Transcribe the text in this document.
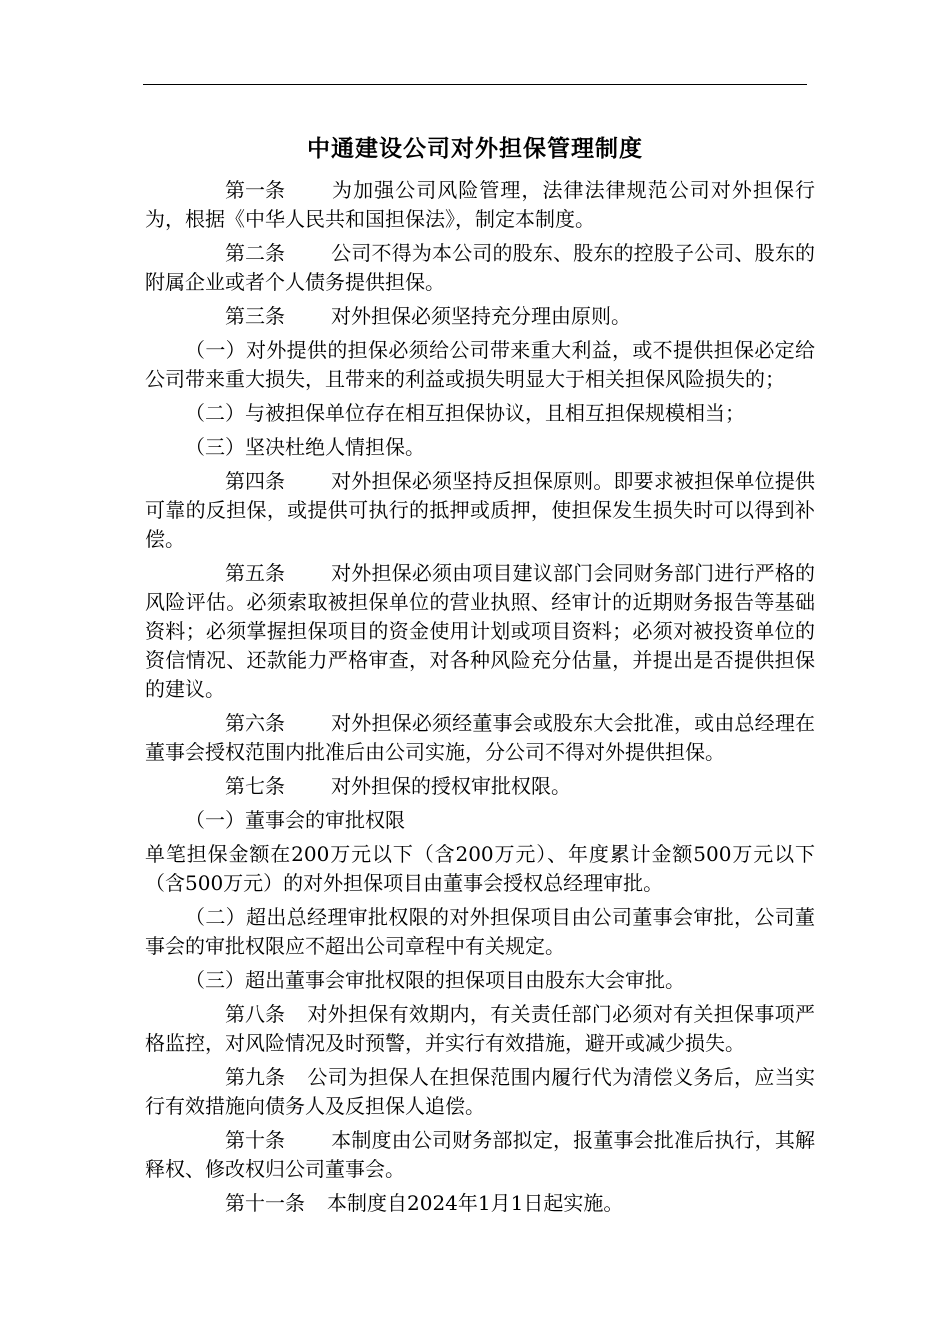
中通建设公司对外担保管理制度

第一条 为加强公司风险管理，法律法律规范公司对外担保行为，根据《中华人民共和国担保法》，制定本制度。

第二条 公司不得为本公司的股东、股东的控股子公司、股东的附属企业或者个人债务提供担保。

第三条 对外担保必须坚持充分理由原则。

（一）对外提供的担保必须给公司带来重大利益，或不提供担保必定给公司带来重大损失，且带来的利益或损失明显大于相关担保风险损失的；

（二）与被担保单位存在相互担保协议，且相互担保规模相当；

（三）坚决杜绝人情担保。

第四条 对外担保必须坚持反担保原则。即要求被担保单位提供可靠的反担保，或提供可执行的抵押或质押，使担保发生损失时可以得到补偿。

第五条 对外担保必须由项目建议部门会同财务部门进行严格的风险评估。必须索取被担保单位的营业执照、经审计的近期财务报告等基础资料；必须掌握担保项目的资金使用计划或项目资料；必须对被投资单位的资信情况、还款能力严格审查，对各种风险充分估量，并提出是否提供担保的建议。

第六条 对外担保必须经董事会或股东大会批准，或由总经理在董事会授权范围内批准后由公司实施，分公司不得对外提供担保。

第七条 对外担保的授权审批权限。

（一）董事会的审批权限

单笔担保金额在200万元以下（含200万元）、年度累计金额500万元以下（含500万元）的对外担保项目由董事会授权总经理审批。

（二）超出总经理审批权限的对外担保项目由公司董事会审批，公司董事会的审批权限应不超出公司章程中有关规定。

（三）超出董事会审批权限的担保项目由股东大会审批。

第八条 对外担保有效期内，有关责任部门必须对有关担保事项严格监控，对风险情况及时预警，并实行有效措施，避开或减少损失。

第九条 公司为担保人在担保范围内履行代为清偿义务后，应当实行有效措施向债务人及反担保人追偿。

第十条 本制度由公司财务部拟定，报董事会批准后执行，其解释权、修改权归公司董事会。

第十一条 本制度自2024年1月1日起实施。
